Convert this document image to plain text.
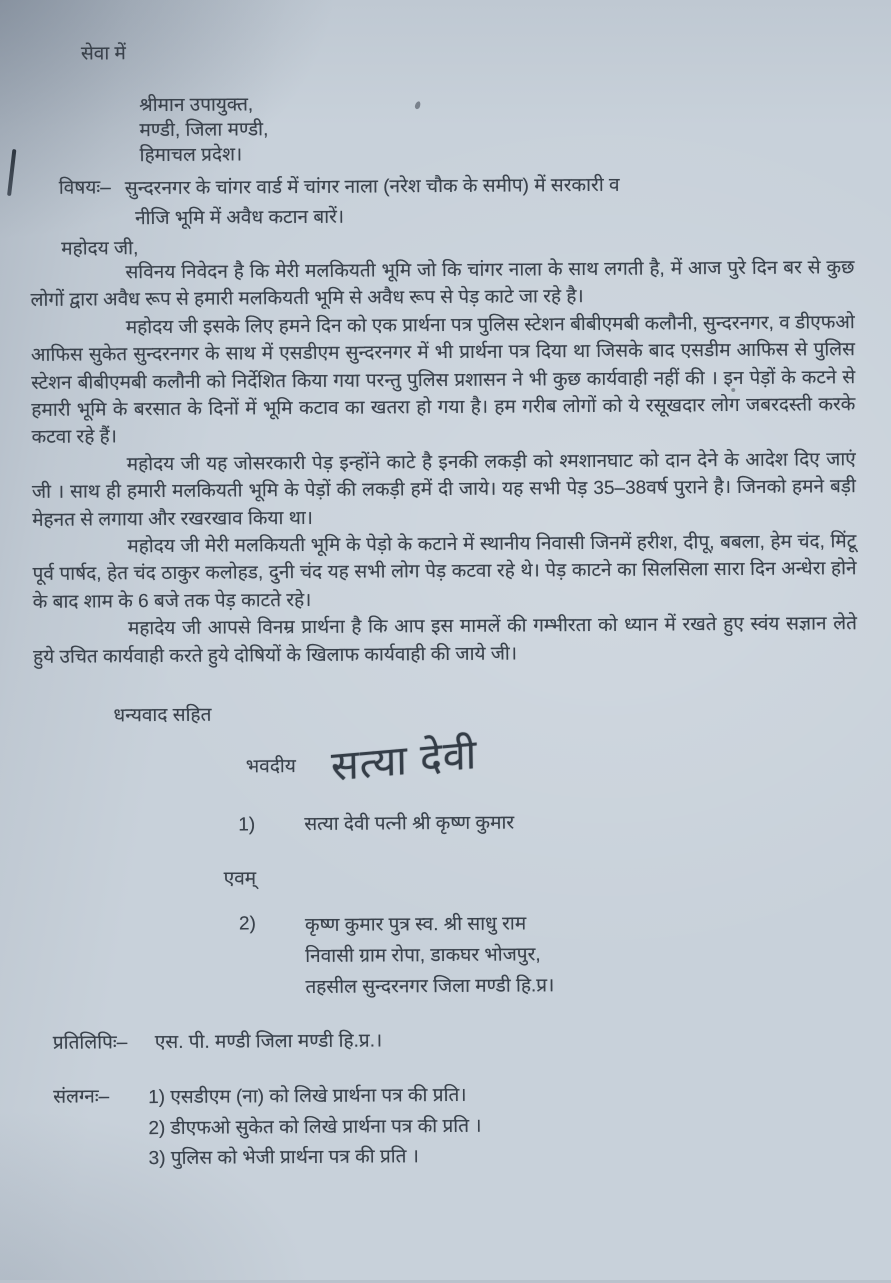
सेवा में
श्रीमान उपायुक्त,
मण्डी, जिला मण्डी,
हिमाचल प्रदेश।
विषयः– सुन्दरनगर के चांगर वार्ड में चांगर नाला (नरेश चौक के समीप) में सरकारी व
नीजि भूमि में अवैध कटान बारें।
महोदय जी,

सविनय निवेदन है कि मेरी मलकियती भूमि जो कि चांगर नाला के साथ लगती है, में आज पुरे दिन बर से कुछ लोगों द्वारा अवैध रूप से हमारी मलकियती भूमि से अवैध रूप से पेड़ काटे जा रहे है।

महोदय जी इसके लिए हमने दिन को एक प्रार्थना पत्र पुलिस स्टेशन बीबीएमबी कलौनी, सुन्दरनगर, व डीएफओ आफिस सुकेत सुन्दरनगर के साथ में एसडीएम सुन्दरनगर में भी प्रार्थना पत्र दिया था जिसके बाद एसडीम आफिस से पुलिस स्टेशन बीबीएमबी कलौनी को निर्देशित किया गया परन्तु पुलिस प्रशासन ने भी कुछ कार्यवाही नहीं की । इन पेड़ों के कटने से हमारी भूमि के बरसात के दिनों में भूमि कटाव का खतरा हो गया है। हम गरीब लोगों को ये रसूखदार लोग जबरदस्ती करके कटवा रहे हैं।

महोदय जी यह जोसरकारी पेड़ इन्होंने काटे है इनकी लकड़ी को श्मशानघाट को दान देने के आदेश दिए जाएं जी । साथ ही हमारी मलकियती भूमि के पेड़ों की लकड़ी हमें दी जाये। यह सभी पेड़ 35–38वर्ष पुराने है। जिनको हमने बड़ी मेहनत से लगाया और रखरखाव किया था।

महोदय जी मेरी मलकियती भूमि के पेड़ो के कटाने में स्थानीय निवासी जिनमें हरीश, दीपू, बबला, हेम चंद, मिंटू पूर्व पार्षद, हेत चंद ठाकुर कलोहड, दुनी चंद यह सभी लोग पेड़ कटवा रहे थे। पेड़ काटने का सिलसिला सारा दिन अन्धेरा होने के बाद शाम के 6 बजे तक पेड़ काटते रहे।

महादेय जी आपसे विनम्र प्रार्थना है कि आप इस मामलें की गम्भीरता को ध्यान में रखते हुए स्वंय सज्ञान लेते हुये उचित कार्यवाही करते हुये दोषियों के खिलाफ कार्यवाही की जाये जी।

धन्यवाद सहित
भवदीय सत्या देवी
1)	सत्या देवी पत्नी श्री कृष्ण कुमार
एवम्
2)	कृष्ण कुमार पुत्र स्व. श्री साधु राम
निवासी ग्राम रोपा, डाकघर भोजपुर,
तहसील सुन्दरनगर जिला मण्डी हि.प्र।
प्रतिलिपिः– एस. पी. मण्डी जिला मण्डी हि.प्र.।
संलग्नः– 1) एसडीएम (ना) को लिखे प्रार्थना पत्र की प्रति।
2) डीएफओ सुकेत को लिखे प्रार्थना पत्र की प्रति ।
3) पुलिस को भेजी प्रार्थना पत्र की प्रति ।
